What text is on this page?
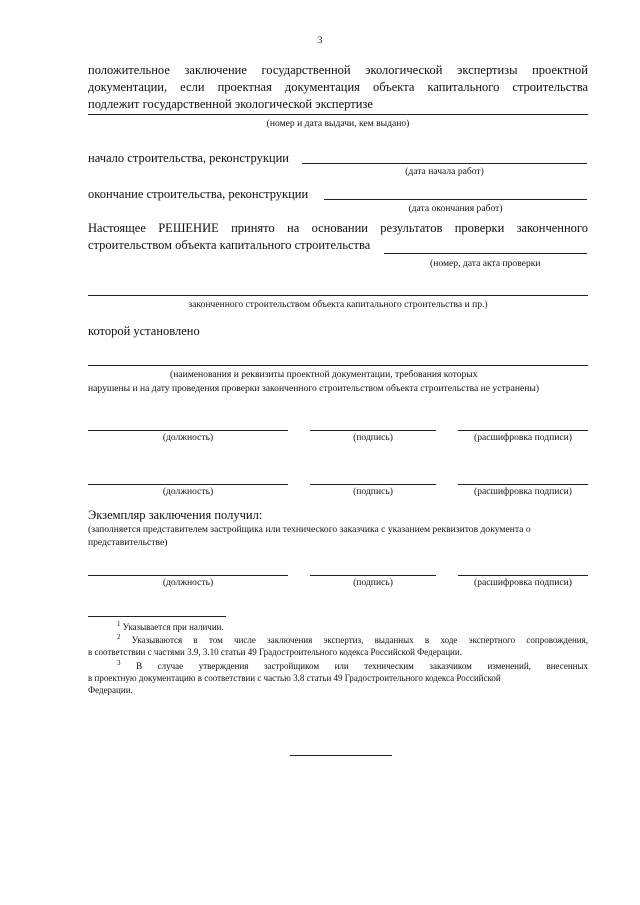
3
положительное заключение государственной экологической экспертизы проектной
документации, если проектная документация объекта капитального строительства
подлежит государственной экологической экспертизе
(номер и дата выдачи, кем выдано)
начало строительства, реконструкции
(дата начала работ)
окончание строительства, реконструкции
(дата окончания работ)
Настоящее РЕШЕНИЕ принято на основании результатов проверки законченного
строительством объекта капитального строительства
(номер, дата акта проверки
законченного строительством объекта капитального строительства и пр.)
которой установлено
(наименования и реквизиты проектной документации, требования которых
нарушены и на дату проведения проверки законченного строительством объекта строительства не устранены)
(должность)	(подпись)	(расшифровка подписи)
(должность)	(подпись)	(расшифровка подписи)
Экземпляр заключения получил:
(заполняется представителем застройщика или технического заказчика с указанием реквизитов документа о
представительстве)
(должность)	(подпись)	(расшифровка подписи)
$^1$ Указывается при наличии.
$^2$ Указываются в том числе заключения экспертиз, выданных в ходе экспертного сопровождения,
в соответствии с частями 3.9, 3.10 статьи 49 Градостроительного кодекса Российской Федерации.
$^3$ В случае утверждения застройщиком или техническим заказчиком изменений, внесенных
в проектную документацию в соответствии с частью 3.8 статьи 49 Градостроительного кодекса Российской
Федерации.
